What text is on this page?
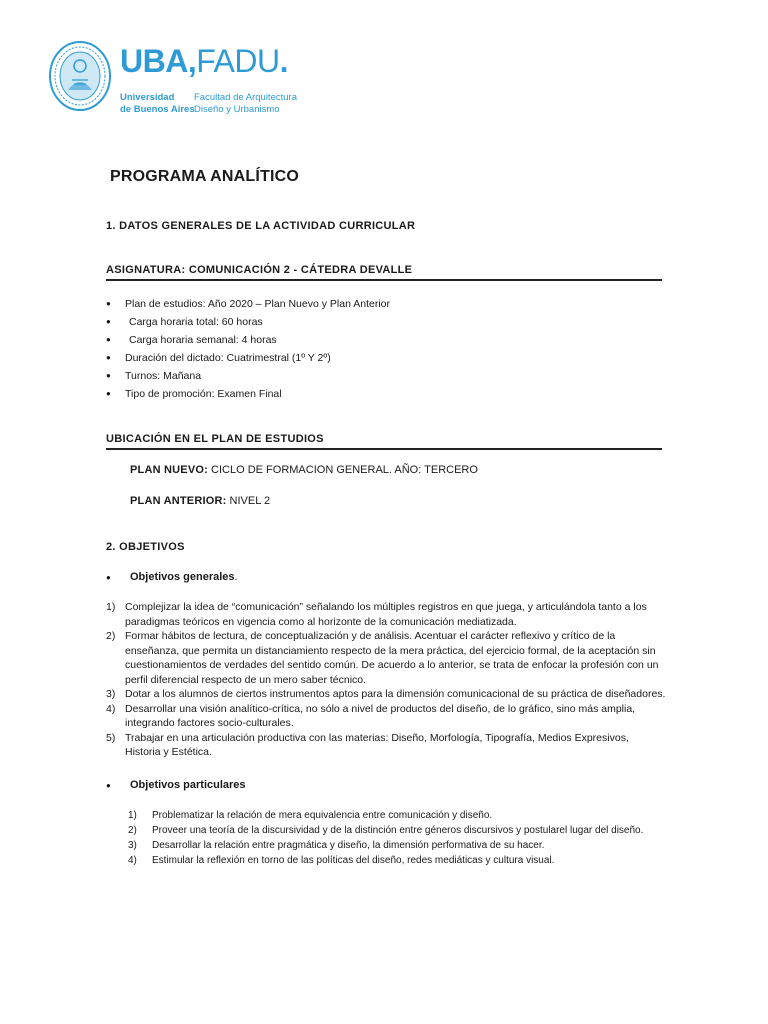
UBA,FADU.
Universidad
de Buenos Aires
Facultad de Arquitectura
Diseño y Urbanismo
PROGRAMA ANALÍTICO
1. DATOS GENERALES DE LA ACTIVIDAD CURRICULAR
ASIGNATURA: COMUNICACIÓN 2 - CÁTEDRA DEVALLE
● Plan de estudios: Año 2020 – Plan Nuevo y Plan Anterior
● Carga horaria total: 60 horas
● Carga horaria semanal: 4 horas
● Duración del dictado: Cuatrimestral (1º Y 2º)
● Turnos: Mañana
● Tipo de promoción: Examen Final
UBICACIÓN EN EL PLAN DE ESTUDIOS
PLAN NUEVO: CICLO DE FORMACION GENERAL. AÑO: TERCERO
PLAN ANTERIOR: NIVEL 2
2. OBJETIVOS
● Objetivos generales.
1) Complejizar la idea de “comunicación” señalando los múltiples registros en que juega, y articulándola tanto a los paradigmas teóricos en vigencia como al horizonte de la comunicación mediatizada.
2) Formar hábitos de lectura, de conceptualización y de análisis. Acentuar el carácter reflexivo y crítico de la enseñanza, que permita un distanciamiento respecto de la mera práctica, del ejercicio formal, de la aceptación sin cuestionamientos de verdades del sentido común. De acuerdo a lo anterior, se trata de enfocar la profesión con un perfil diferencial respecto de un mero saber técnico.
3) Dotar a los alumnos de ciertos instrumentos aptos para la dimensión comunicacional de su práctica de diseñadores.
4) Desarrollar una visión analítico-crítica, no sólo a nivel de productos del diseño, de lo gráfico, sino más amplia, integrando factores socio-culturales.
5) Trabajar en una articulación productiva con las materias: Diseño, Morfología, Tipografía, Medios Expresivos, Historia y Estética.
● Objetivos particulares
1) Problematizar la relación de mera equivalencia entre comunicación y diseño.
2) Proveer una teoría de la discursividad y de la distinción entre géneros discursivos y postularel lugar del diseño.
3) Desarrollar la relación entre pragmática y diseño, la dimensión performativa de su hacer.
4) Estimular la reflexión en torno de las políticas del diseño, redes mediáticas y cultura visual.
